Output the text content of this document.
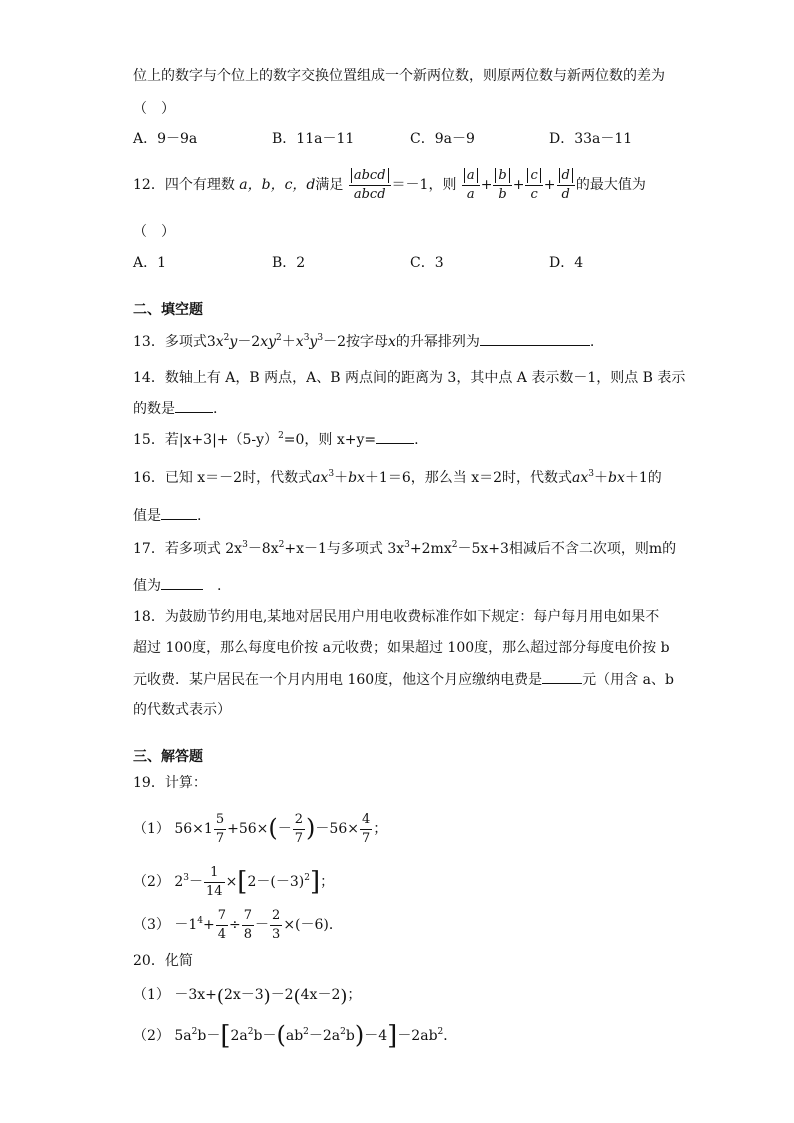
位上的数字与个位上的数字交换位置组成一个新两位数，则原两位数与新两位数的差为
（　）
A．9－9a	B．11a－11	C．9a－9	D．33a－11
12．四个有理数 a，b，c，d满足 $\frac{\text{abcd}}{\text{abcd}} =-1$，则 $\frac{a}{a} + \frac{b}{b} + \frac{c}{c} + \frac{d}{d}$ 的最大值为
（　）
A．1	B．2	C．3	D．4
二、填空题
13．多项式$3x^2y-2xy^2+x^3y^3-2$按字母x的升幂排列为	.
14．数轴上有 A，B 两点，A、B 两点间的距离为 3，其中点 A 表示数－1，则点 B 表示
的数是	.
15．若$|x+3|+(5-y)^2=0$，则 x+y=	.
16．已知 x＝－2时，代数式$ax^3+bx+1=6$，那么当 x＝2时，代数式$ax^3+bx+1$的
值是	.
17．若多项式 $2x^3-8x^2+x-1$与多项式 $3x^3+2mx^2-5x+3$相减后不含二次项，则m的
值为　	.
18．为鼓励节约用电,某地对居民用户用电收费标准作如下规定：每户每月用电如果不
超过 100度，那么每度电价按 a元收费；如果超过 100度，那么超过部分每度电价按 b
元收费．某户居民在一个月内用电 160度，他这个月应缴纳电费是	元（用含 a、b
的代数式表示）
三、解答题
19．计算：
（1） $56\times 1 \frac{5}{7} +56\times(- \frac{2}{7} )-56\times \frac{4}{7}$ ；
（2） $2^3- \frac{1}{14} \times[2-(-3)^2]$；
$(3) -1^4+ \frac{7}{4} \div \frac{7}{8} - \frac{2}{3} \times(-6)$．
20．化简
（1） －3x+(2x－3)－2(4x－2)；
（2） $5a^2b-[2a^2b-(ab^2-2a^2b)-4]-2ab^2$．
